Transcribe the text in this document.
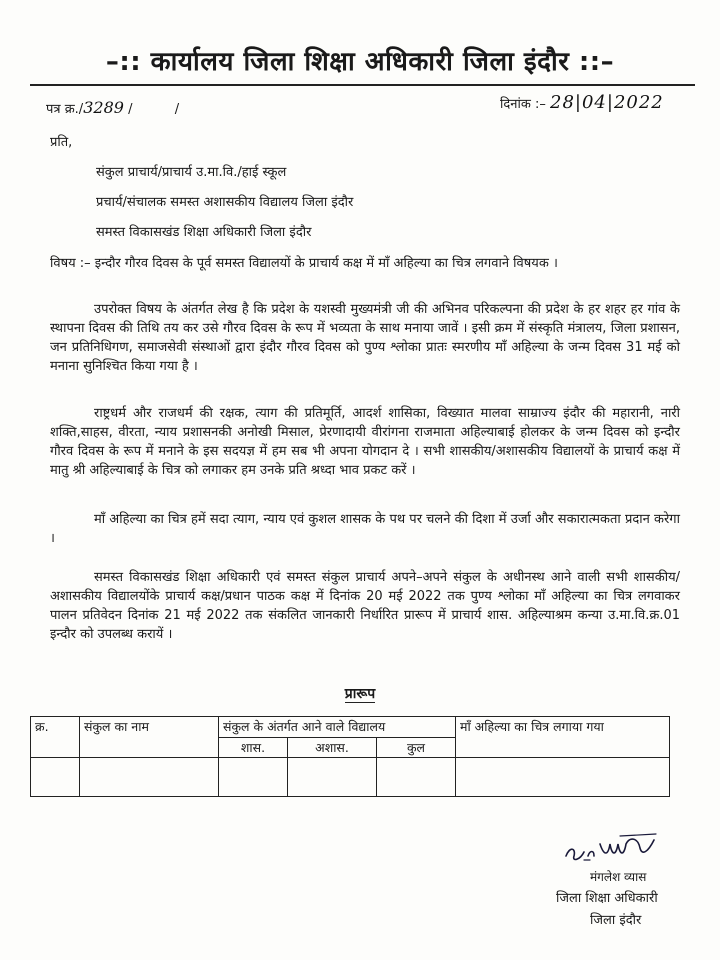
–:: कार्यालय जिला शिक्षा अधिकारी जिला इंदौर ::–
पत्र क्र./3289 /	/	दिनांक :– 28|04|2022
प्रति,
संकुल प्राचार्य/प्राचार्य उ.मा.वि./हाई स्कूल
प्रचार्य/संचालक समस्त अशासकीय विद्यालय जिला इंदौर
समस्त विकासखंड शिक्षा अधिकारी जिला इंदौर
विषय :– इन्दौर गौरव दिवस के पूर्व समस्त विद्यालयों के प्राचार्य कक्ष में माँ अहिल्या का चित्र लगवाने विषयक ।
उपरोक्त विषय के अंतर्गत लेख है कि प्रदेश के यशस्वी मुख्यमंत्री जी की अभिनव परिकल्पना की प्रदेश के हर शहर हर गांव के स्थापना दिवस की तिथि तय कर उसे गौरव दिवस के रूप में भव्यता के साथ मनाया जावें । इसी क्रम में संस्कृति मंत्रालय, जिला प्रशासन, जन प्रतिनिधिगण, समाजसेवी संस्थाओं द्वारा इंदौर गौरव दिवस को पुण्य श्लोका प्रातः स्मरणीय माँ अहिल्या के जन्म दिवस 31 मई को मनाना सुनिश्चित किया गया है ।
राष्ट्रधर्म और राजधर्म की रक्षक, त्याग की प्रतिमूर्ति, आदर्श शासिका, विख्यात मालवा साम्राज्य इंदौर की महारानी, नारी शक्ति,साहस, वीरता, न्याय प्रशासनकी अनोखी मिसाल, प्रेरणादायी वीरांगना राजमाता अहिल्याबाई होलकर के जन्म दिवस को इन्दौर गौरव दिवस के रूप में मनाने के इस सदयज्ञ में हम सब भी अपना योगदान दे । सभी शासकीय/अशासकीय विद्यालयों के प्राचार्य कक्ष में मातु श्री अहिल्याबाई के चित्र को लगाकर हम उनके प्रति श्रध्दा भाव प्रकट करें ।
माँ अहिल्या का चित्र हमें सदा त्याग, न्याय एवं कुशल शासक के पथ पर चलने की दिशा में उर्जा और सकारात्मकता प्रदान करेगा ।
समस्त विकासखंड शिक्षा अधिकारी एवं समस्त संकुल प्राचार्य अपने–अपने संकुल के अधीनस्थ आने वाली सभी शासकीय/अशासकीय विद्यालयोंके प्राचार्य कक्ष/प्रधान पाठक कक्ष में दिनांक 20 मई 2022 तक पुण्य श्लोका माँ अहिल्या का चित्र लगवाकर पालन प्रतिवेदन दिनांक 21 मई 2022 तक संकलित जानकारी निर्धारित प्रारूप में प्राचार्य शास. अहिल्याश्रम कन्या उ.मा.वि.क्र.01 इन्दौर को उपलब्ध करायें ।
प्रारूप
क्र.	संकुल का नाम	संकुल के अंतर्गत आने वाले विद्यालय			माँ अहिल्या का चित्र लगाया गया
		शास.	अशास.	कुल	

मंगलेश व्यास
जिला शिक्षा अधिकारी
जिला इंदौर
